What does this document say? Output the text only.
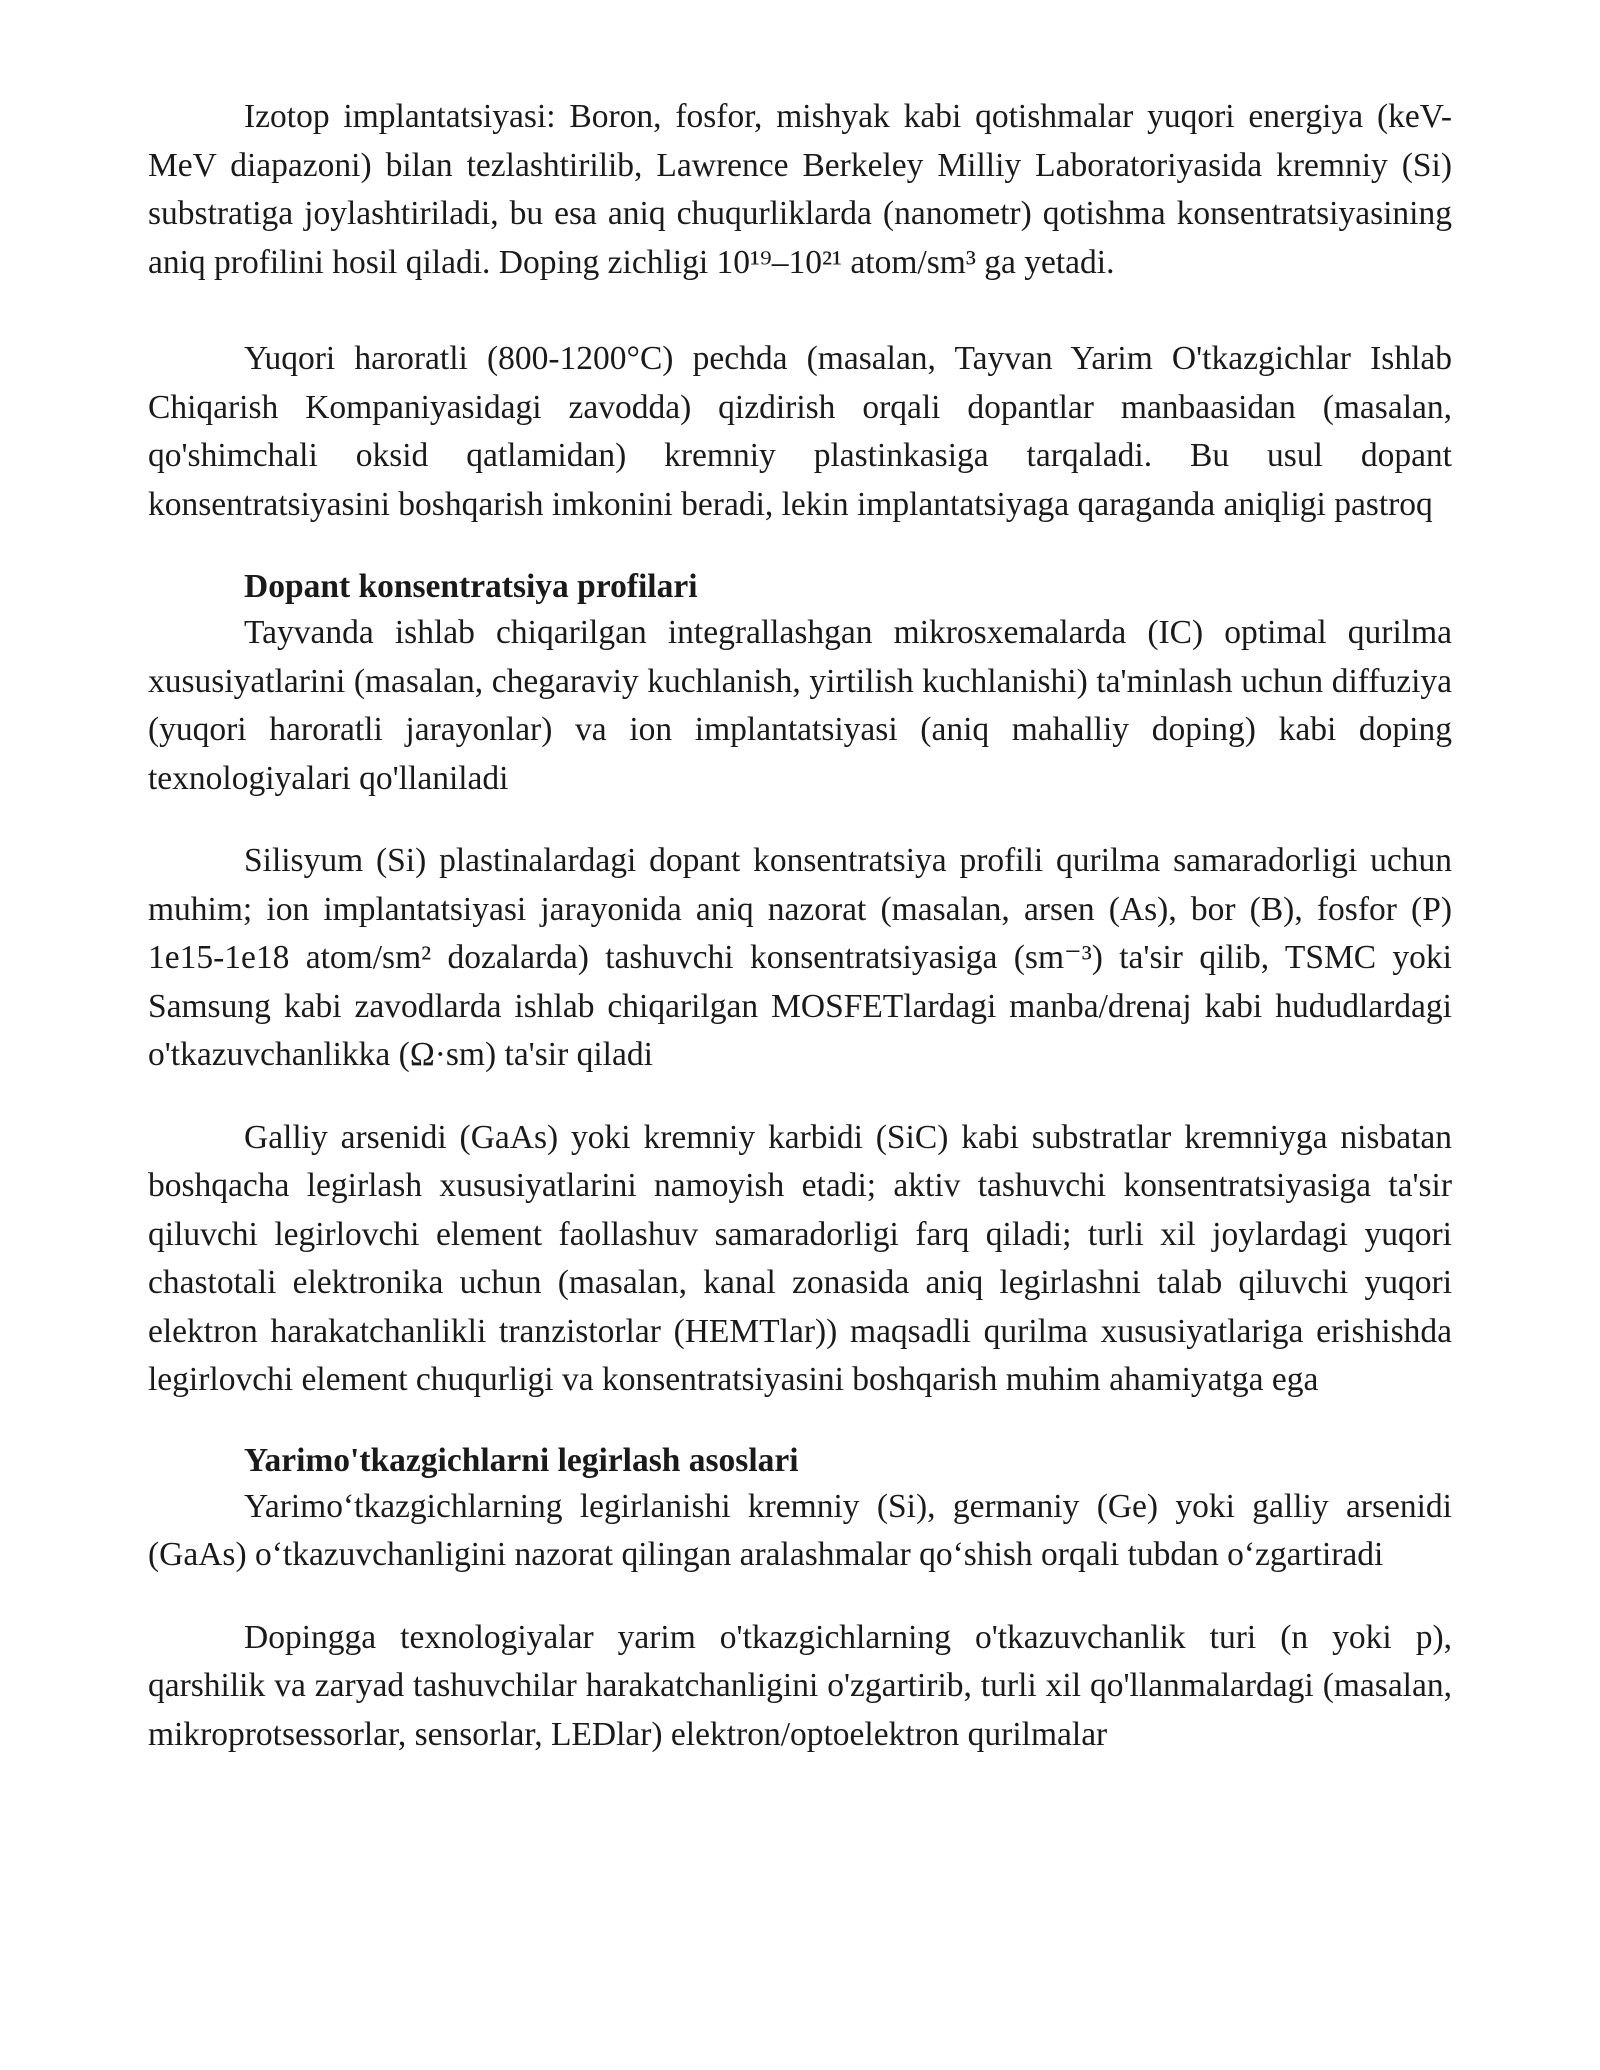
Izotop implantatsiyasi: Boron, fosfor, mishyak kabi qotishmalar yuqori energiya (keV-MeV diapazoni) bilan tezlashtirilib, Lawrence Berkeley Milliy Laboratoriyasida kremniy (Si) substratiga joylashtiriladi, bu esa aniq chuqurliklarda (nanometr) qotishma konsentratsiyasining aniq profilini hosil qiladi. Doping zichligi 10¹⁹–10²¹ atom/sm³ ga yetadi.

Yuqori haroratli (800-1200°C) pechda (masalan, Tayvan Yarim O'tkazgichlar Ishlab Chiqarish Kompaniyasidagi zavodda) qizdirish orqali dopantlar manbaasidan (masalan, qo'shimchali oksid qatlamidan) kremniy plastinkasiga tarqaladi. Bu usul dopant konsentratsiyasini boshqarish imkonini beradi, lekin implantatsiyaga qaraganda aniqligi pastroq

Dopant konsentratsiya profilari

Tayvanda ishlab chiqarilgan integrallashgan mikrosxemalarda (IC) optimal qurilma xususiyatlarini (masalan, chegaraviy kuchlanish, yirtilish kuchlanishi) ta'minlash uchun diffuziya (yuqori haroratli jarayonlar) va ion implantatsiyasi (aniq mahalliy doping) kabi doping texnologiyalari qo'llaniladi

Silisyum (Si) plastinalardagi dopant konsentratsiya profili qurilma samaradorligi uchun muhim; ion implantatsiyasi jarayonida aniq nazorat (masalan, arsen (As), bor (B), fosfor (P) 1e15-1e18 atom/sm² dozalarda) tashuvchi konsentratsiyasiga (sm⁻³) ta'sir qilib, TSMC yoki Samsung kabi zavodlarda ishlab chiqarilgan MOSFETlardagi manba/drenaj kabi hududlardagi o'tkazuvchanlikka (Ω·sm) ta'sir qiladi

Galliy arsenidi (GaAs) yoki kremniy karbidi (SiC) kabi substratlar kremniyga nisbatan boshqacha legirlash xususiyatlarini namoyish etadi; aktiv tashuvchi konsentratsiyasiga ta'sir qiluvchi legirlovchi element faollashuv samaradorligi farq qiladi; turli xil joylardagi yuqori chastotali elektronika uchun (masalan, kanal zonasida aniq legirlashni talab qiluvchi yuqori elektron harakatchanlikli tranzistorlar (HEMTlar)) maqsadli qurilma xususiyatlariga erishishda legirlovchi element chuqurligi va konsentratsiyasini boshqarish muhim ahamiyatga ega

Yarimo'tkazgichlarni legirlash asoslari

Yarimoʻtkazgichlarning legirlanishi kremniy (Si), germaniy (Ge) yoki galliy arsenidi (GaAs) oʻtkazuvchanligini nazorat qilingan aralashmalar qoʻshish orqali tubdan oʻzgartiradi

Dopingga texnologiyalar yarim o'tkazgichlarning o'tkazuvchanlik turi (n yoki p), qarshilik va zaryad tashuvchilar harakatchanligini o'zgartirib, turli xil qo'llanmalardagi (masalan, mikroprotsessorlar, sensorlar, LEDlar) elektron/optoelektron qurilmalar
